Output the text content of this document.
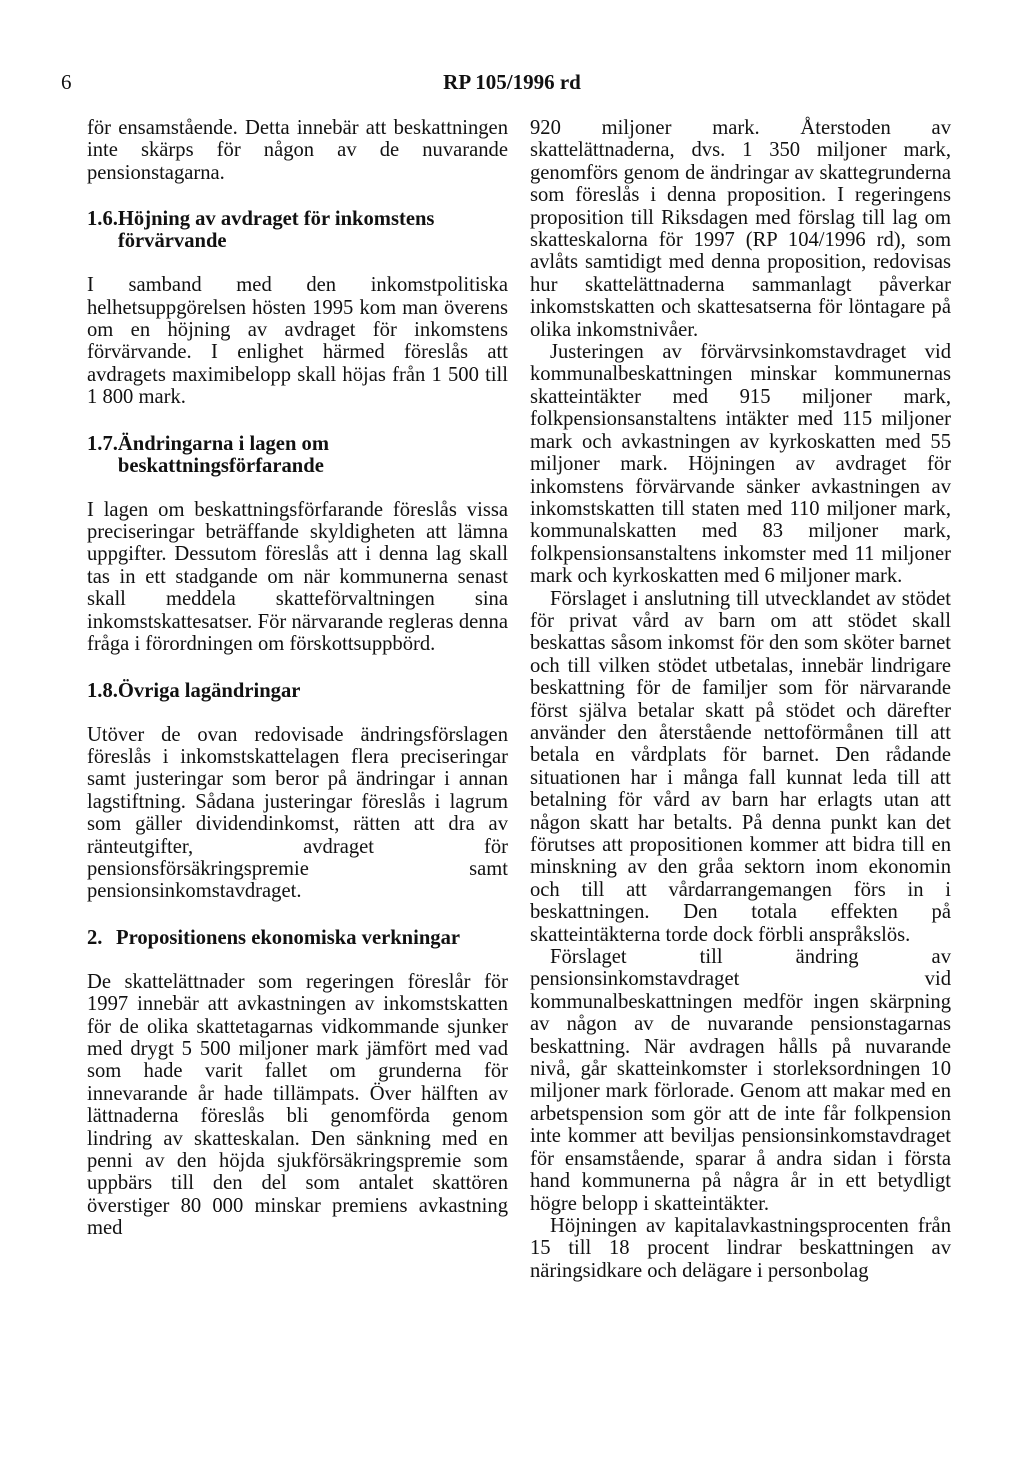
6	RP 105/1996 rd

för ensamstående. Detta innebär att beskattningen inte skärps för någon av de nuvarande pensionstagarna.

1.6. Höjning av avdraget för inkomstens förvärvande

I samband med den inkomstpolitiska helhetsuppgörelsen hösten 1995 kom man överens om en höjning av avdraget för inkomstens förvärvande. I enlighet härmed föreslås att avdragets maximibelopp skall höjas från 1 500 till 1 800 mark.

1.7. Ändringarna i lagen om beskattningsförfarande

I lagen om beskattningsförfarande föreslås vissa preciseringar beträffande skyldigheten att lämna uppgifter. Dessutom föreslås att i denna lag skall tas in ett stadgande om när kommunerna senast skall meddela skatteförvaltningen sina inkomstskattesatser. För närvarande regleras denna fråga i förordningen om förskottsuppbörd.

1.8. Övriga lagändringar

Utöver de ovan redovisade ändringsförslagen föreslås i inkomstskattelagen flera preciseringar samt justeringar som beror på ändringar i annan lagstiftning. Sådana justeringar föreslås i lagrum som gäller dividendinkomst, rätten att dra av ränteutgifter, avdraget för pensionsförsäkringspremie samt pensionsinkomstavdraget.

2. Propositionens ekonomiska verkningar

De skattelättnader som regeringen föreslår för 1997 innebär att avkastningen av inkomstskatten för de olika skattetagarnas vidkommande sjunker med drygt 5 500 miljoner mark jämfört med vad som hade varit fallet om grunderna för innevarande år hade tillämpats. Över hälften av lättnaderna föreslås bli genomförda genom lindring av skatteskalan. Den sänkning med en penni av den höjda sjukförsäkringspremie som uppbärs till den del som antalet skattören överstiger 80 000 minskar premiens avkastning med

920 miljoner mark. Återstoden av skattelättnaderna, dvs. 1 350 miljoner mark, genomförs genom de ändringar av skattegrunderna som föreslås i denna proposition. I regeringens proposition till Riksdagen med förslag till lag om skatteskalorna för 1997 (RP 104/1996 rd), som avlåts samtidigt med denna proposition, redovisas hur skattelättnaderna sammanlagt påverkar inkomstskatten och skattesatserna för löntagare på olika inkomstnivåer.

Justeringen av förvärvsinkomstavdraget vid kommunalbeskattningen minskar kommunernas skatteintäkter med 915 miljoner mark, folkpensionsanstaltens intäkter med 115 miljoner mark och avkastningen av kyrkoskatten med 55 miljoner mark. Höjningen av avdraget för inkomstens förvärvande sänker avkastningen av inkomstskatten till staten med 110 miljoner mark, kommunalskatten med 83 miljoner mark, folkpensionsanstaltens inkomster med 11 miljoner mark och kyrkoskatten med 6 miljoner mark.

Förslaget i anslutning till utvecklandet av stödet för privat vård av barn om att stödet skall beskattas såsom inkomst för den som sköter barnet och till vilken stödet utbetalas, innebär lindrigare beskattning för de familjer som för närvarande först själva betalar skatt på stödet och därefter använder den återstående nettoförmånen till att betala en vårdplats för barnet. Den rådande situationen har i många fall kunnat leda till att betalning för vård av barn har erlagts utan att någon skatt har betalts. På denna punkt kan det förutses att propositionen kommer att bidra till en minskning av den gråa sektorn inom ekonomin och till att vårdarrangemangen förs in i beskattningen. Den totala effekten på skatteintäkterna torde dock förbli anspråkslös.

Förslaget till ändring av pensionsinkomstavdraget vid kommunalbeskattningen medför ingen skärpning av någon av de nuvarande pensionstagarnas beskattning. När avdragen hålls på nuvarande nivå, går skatteinkomster i storleksordningen 10 miljoner mark förlorade. Genom att makar med en arbetspension som gör att de inte får folkpension inte kommer att beviljas pensionsinkomstavdraget för ensamstående, sparar å andra sidan i första hand kommunerna på några år in ett betydligt högre belopp i skatteintäkter.

Höjningen av kapitalavkastningsprocenten från 15 till 18 procent lindrar beskattningen av näringsidkare och delägare i personbolag
